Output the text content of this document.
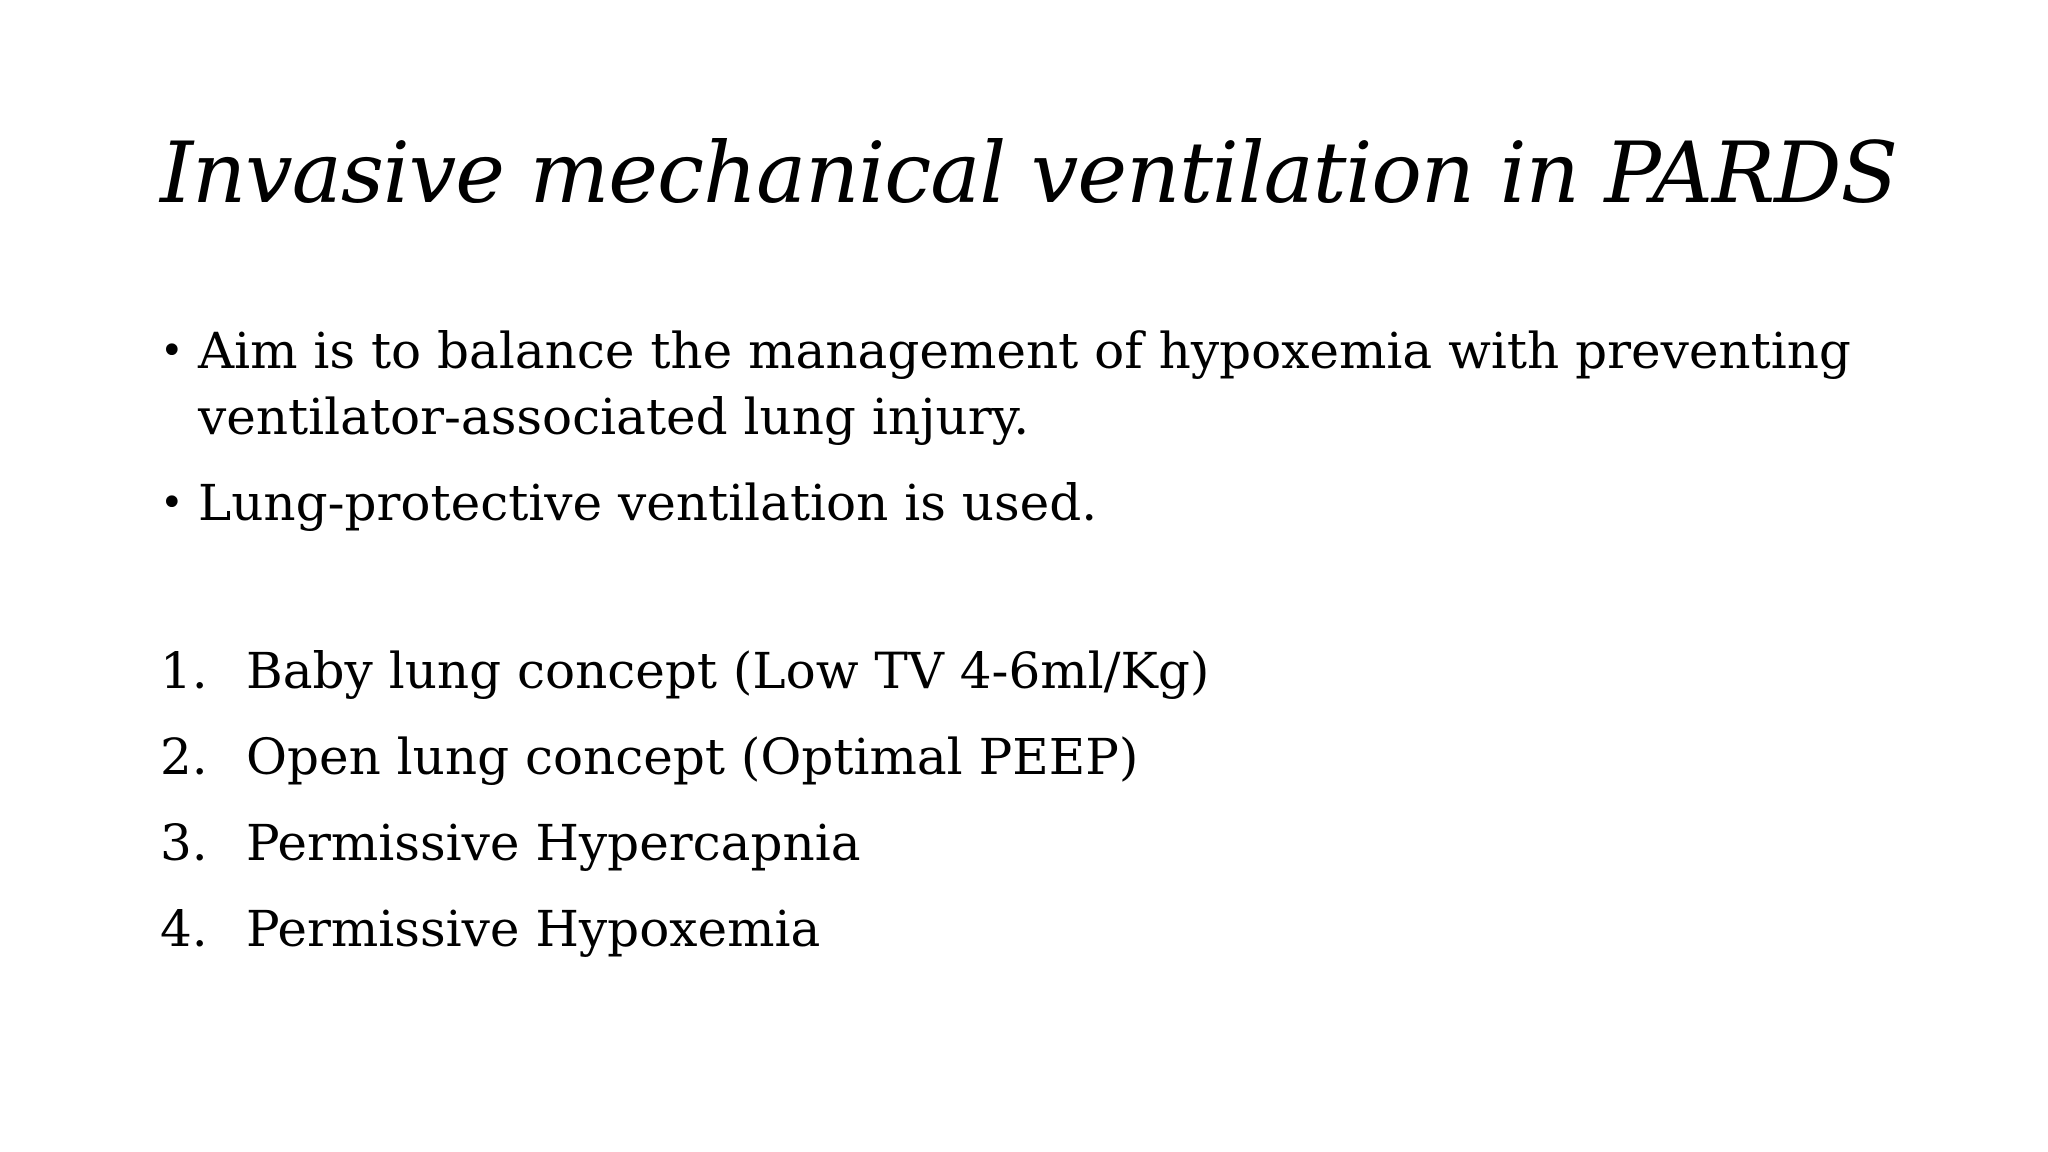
Invasive mechanical ventilation in PARDS
• Aim is to balance the management of hypoxemia with preventing ventilator-associated lung injury.
• Lung-protective ventilation is used.
1. Baby lung concept (Low TV 4-6ml/Kg)
2. Open lung concept (Optimal PEEP)
3. Permissive Hypercapnia
4. Permissive Hypoxemia
